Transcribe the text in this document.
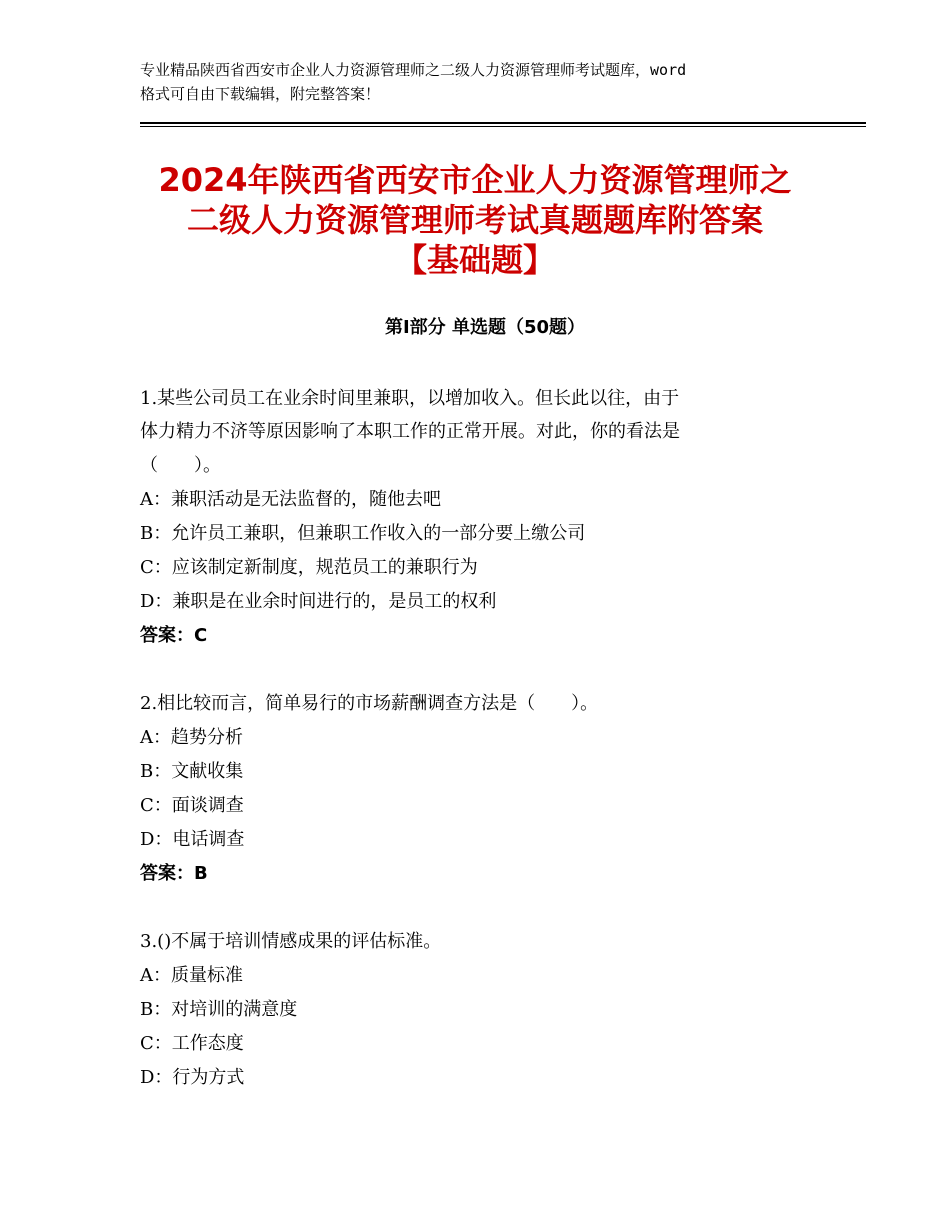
专业精品陕西省西安市企业人力资源管理师之二级人力资源管理师考试题库，word
格式可自由下载编辑，附完整答案！
2024年陕西省西安市企业人力资源管理师之
二级人力资源管理师考试真题题库附答案
【基础题】
第Ⅰ部分 单选题（50题）
1.某些公司员工在业余时间里兼职，以增加收入。但长此以往，由于
体力精力不济等原因影响了本职工作的正常开展。对此，你的看法是
（　　）。
A：兼职活动是无法监督的，随他去吧
B：允许员工兼职，但兼职工作收入的一部分要上缴公司
C：应该制定新制度，规范员工的兼职行为
D：兼职是在业余时间进行的，是员工的权利
答案：C
2.相比较而言，简单易行的市场薪酬调查方法是（　　）。
A：趋势分析
B：文献收集
C：面谈调查
D：电话调查
答案：B
3.()不属于培训情感成果的评估标准。
A：质量标准
B：对培训的满意度
C：工作态度
D：行为方式
